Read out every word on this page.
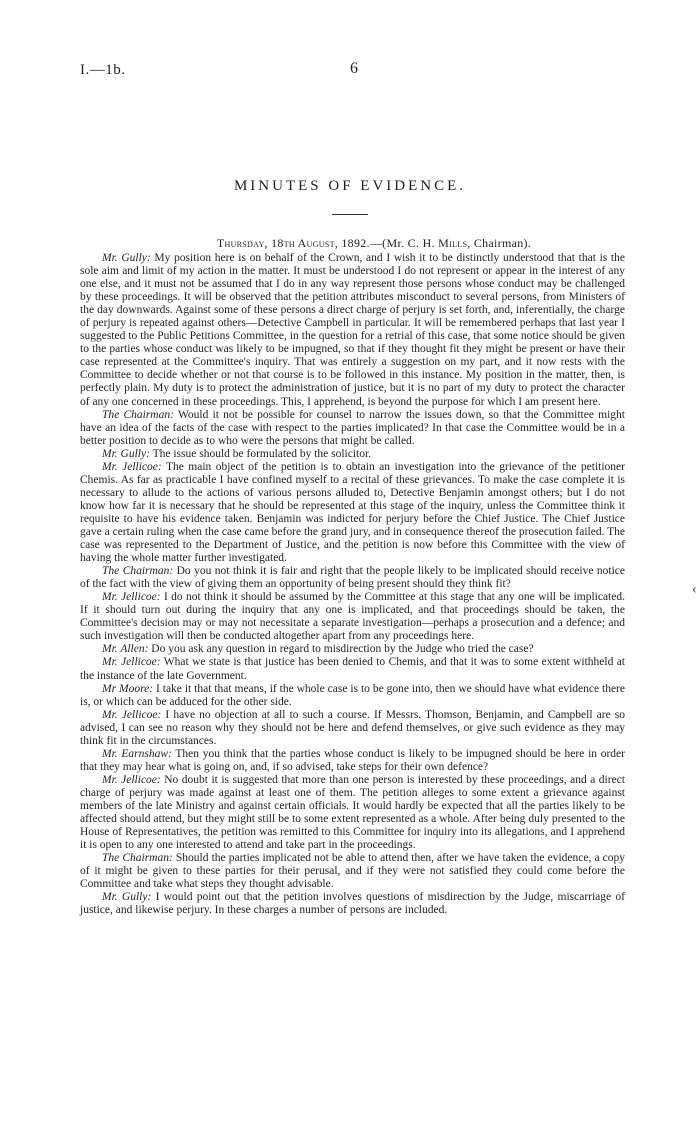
I.—1b.	6
MINUTES OF EVIDENCE.
Thursday, 18th August, 1892.—(Mr. C. H. Mills, Chairman).

Mr. Gully: My position here is on behalf of the Crown, and I wish it to be distinctly understood that that is the sole aim and limit of my action in the matter. It must be understood I do not represent or appear in the interest of any one else, and it must not be assumed that I do in any way represent those persons whose conduct may be challenged by these proceedings. It will be observed that the petition attributes misconduct to several persons, from Ministers of the day downwards. Against some of these persons a direct charge of perjury is set forth, and, inferentially, the charge of perjury is repeated against others—Detective Campbell in particular. It will be remembered perhaps that last year I suggested to the Public Petitions Committee, in the question for a retrial of this case, that some notice should be given to the parties whose conduct was likely to be impugned, so that if they thought fit they might be present or have their case represented at the Committee's inquiry. That was entirely a suggestion on my part, and it now rests with the Committee to decide whether or not that course is to be followed in this instance. My position in the matter, then, is perfectly plain. My duty is to protect the administration of justice, but it is no part of my duty to protect the character of any one concerned in these proceedings. This, I apprehend, is beyond the purpose for which I am present here.

The Chairman: Would it not be possible for counsel to narrow the issues down, so that the Committee might have an idea of the facts of the case with respect to the parties implicated? In that case the Committee would be in a better position to decide as to who were the persons that might be called.

Mr. Gully: The issue should be formulated by the solicitor.

Mr. Jellicoe: The main object of the petition is to obtain an investigation into the grievance of the petitioner Chemis. As far as practicable I have confined myself to a recital of these grievances. To make the case complete it is necessary to allude to the actions of various persons alluded to, Detective Benjamin amongst others; but I do not know how far it is necessary that he should be represented at this stage of the inquiry, unless the Committee think it requisite to have his evidence taken. Benjamin was indicted for perjury before the Chief Justice. The Chief Justice gave a certain ruling when the case came before the grand jury, and in consequence thereof the prosecution failed. The case was represented to the Department of Justice, and the petition is now before this Committee with the view of having the whole matter further investigated.

The Chairman: Do you not think it is fair and right that the people likely to be implicated should receive notice of the fact with the view of giving them an opportunity of being present should they think fit?

Mr. Jellicoe: I do not think it should be assumed by the Committee at this stage that any one will be implicated. If it should turn out during the inquiry that any one is implicated, and that proceedings should be taken, the Committee's decision may or may not necessitate a separate investigation—perhaps a prosecution and a defence; and such investigation will then be conducted altogether apart from any proceedings here.

Mr. Allen: Do you ask any question in regard to misdirection by the Judge who tried the case?

Mr. Jellicoe: What we state is that justice has been denied to Chemis, and that it was to some extent withheld at the instance of the late Government.

Mr Moore: I take it that that means, if the whole case is to be gone into, then we should have what evidence there is, or which can be adduced for the other side.

Mr. Jellicoe: I have no objection at all to such a course. If Messrs. Thomson, Benjamin, and Campbell are so advised, I can see no reason why they should not be here and defend themselves, or give such evidence as they may think fit in the circumstances.

Mr. Earnshaw: Then you think that the parties whose conduct is likely to be impugned should be here in order that they may hear what is going on, and, if so advised, take steps for their own defence?

Mr. Jellicoe: No doubt it is suggested that more than one person is interested by these proceedings, and a direct charge of perjury was made against at least one of them. The petition alleges to some extent a grievance against members of the late Ministry and against certain officials. It would hardly be expected that all the parties likely to be affected should attend, but they might still be to some extent represented as a whole. After being duly presented to the House of Representatives, the petition was remitted to this Committee for inquiry into its allegations, and I apprehend it is open to any one interested to attend and take part in the proceedings.

The Chairman: Should the parties implicated not be able to attend then, after we have taken the evidence, a copy of it might be given to these parties for their perusal, and if they were not satisfied they could come before the Committee and take what steps they thought advisable.

Mr. Gully: I would point out that the petition involves questions of misdirection by the Judge, miscarriage of justice, and likewise perjury. In these charges a number of persons are included.

‹
